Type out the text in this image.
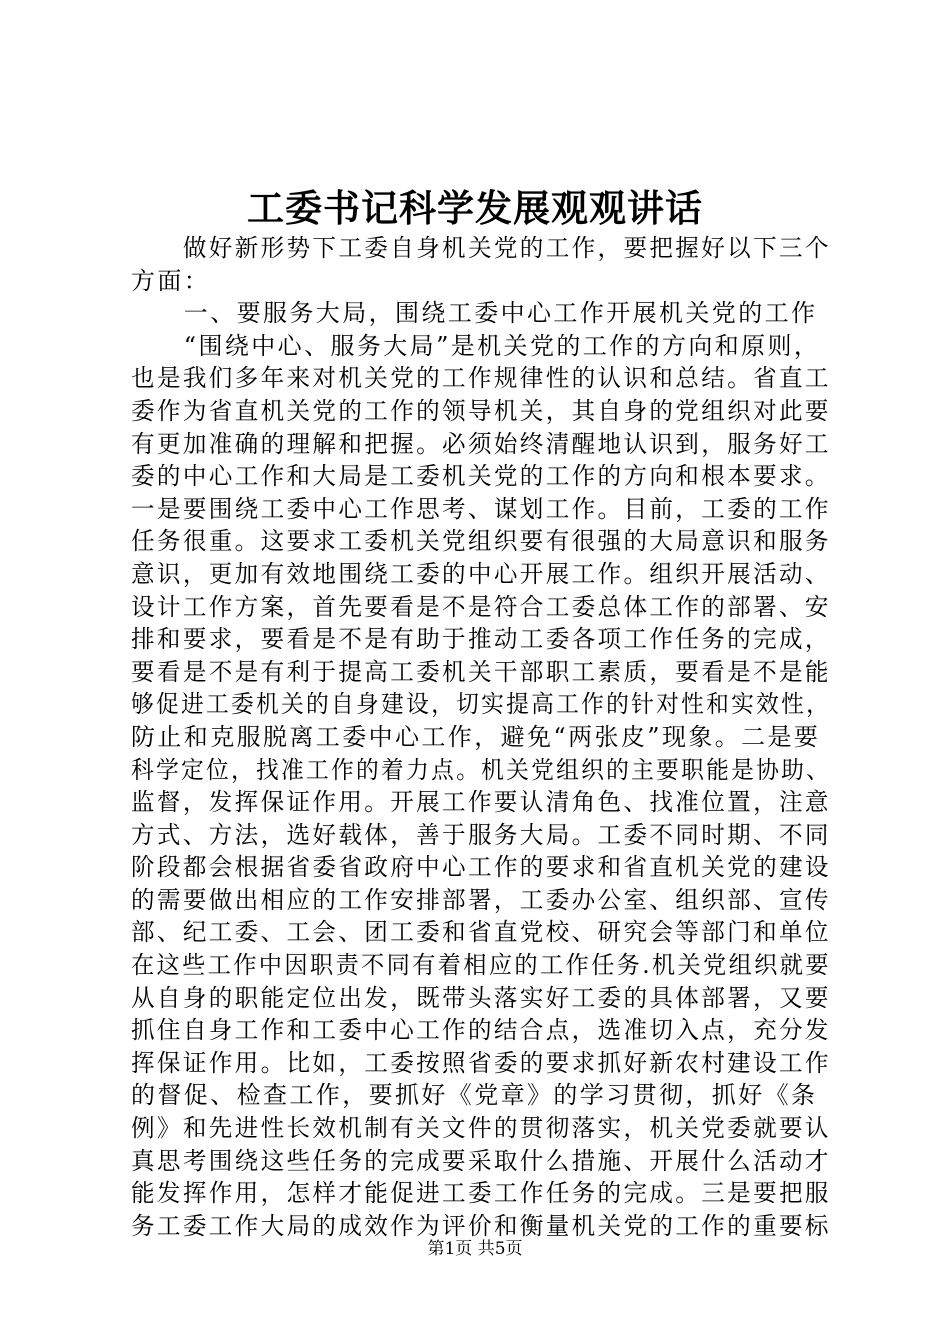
工委书记科学发展观观讲话
　　做好新形势下工委自身机关党的工作，要把握好以下三个
方面：
　　一、要服务大局，围绕工委中心工作开展机关党的工作
　　“围绕中心、服务大局”是机关党的工作的方向和原则，
也是我们多年来对机关党的工作规律性的认识和总结。省直工
委作为省直机关党的工作的领导机关，其自身的党组织对此要
有更加准确的理解和把握。必须始终清醒地认识到，服务好工
委的中心工作和大局是工委机关党的工作的方向和根本要求。
一是要围绕工委中心工作思考、谋划工作。目前，工委的工作
任务很重。这要求工委机关党组织要有很强的大局意识和服务
意识，更加有效地围绕工委的中心开展工作。组织开展活动、
设计工作方案，首先要看是不是符合工委总体工作的部署、安
排和要求，要看是不是有助于推动工委各项工作任务的完成，
要看是不是有利于提高工委机关干部职工素质，要看是不是能
够促进工委机关的自身建设，切实提高工作的针对性和实效性，
防止和克服脱离工委中心工作，避免“两张皮”现象。二是要
科学定位，找准工作的着力点。机关党组织的主要职能是协助、
监督，发挥保证作用。开展工作要认清角色、找准位置，注意
方式、方法，选好载体，善于服务大局。工委不同时期、不同
阶段都会根据省委省政府中心工作的要求和省直机关党的建设
的需要做出相应的工作安排部署，工委办公室、组织部、宣传
部、纪工委、工会、团工委和省直党校、研究会等部门和单位
在这些工作中因职责不同有着相应的工作任务.机关党组织就要
从自身的职能定位出发，既带头落实好工委的具体部署，又要
抓住自身工作和工委中心工作的结合点，选准切入点，充分发
挥保证作用。比如，工委按照省委的要求抓好新农村建设工作
的督促、检查工作，要抓好《党章》的学习贯彻，抓好《条
例》和先进性长效机制有关文件的贯彻落实，机关党委就要认
真思考围绕这些任务的完成要采取什么措施、开展什么活动才
能发挥作用，怎样才能促进工委工作任务的完成。三是要把服
务工委工作大局的成效作为评价和衡量机关党的工作的重要标
第1页 共5页
